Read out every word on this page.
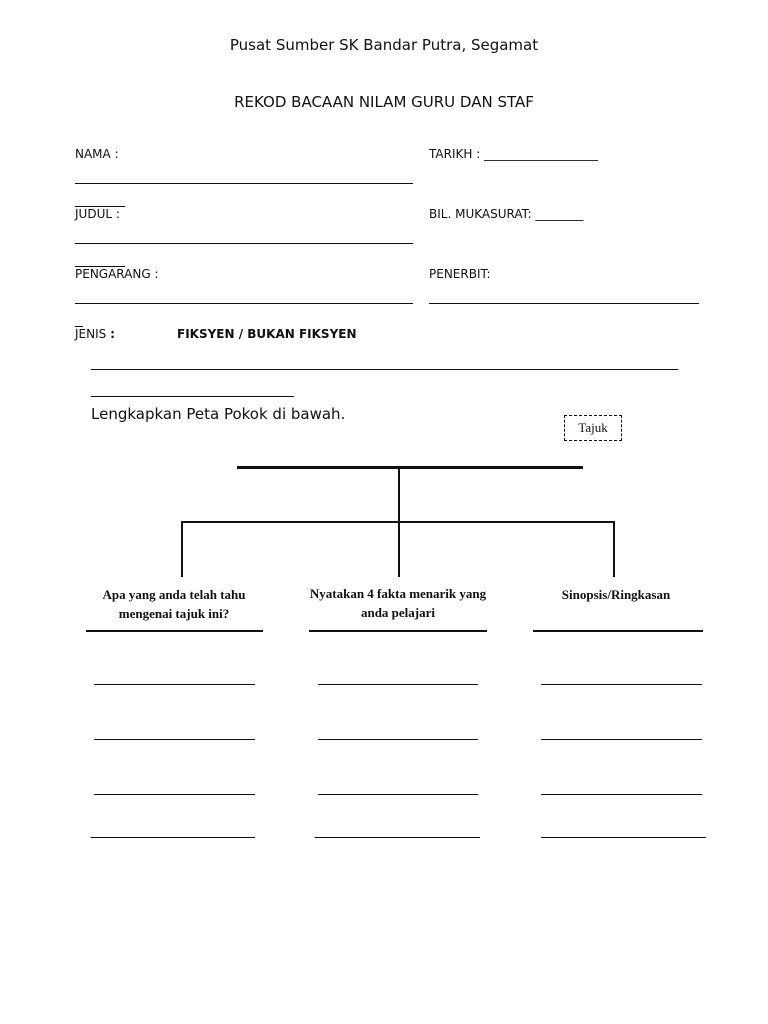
Pusat Sumber SK Bandar Putra, Segamat
REKOD BACAAN NILAM GURU DAN STAF
NAMA :	TARIKH : ___________________
JUDUL :	BIL. MUKASURAT: ________
PENGARANG :	PENERBIT:
JENIS :	FIKSYEN / BUKAN FIKSYEN
Lengkapkan Peta Pokok di bawah.
Tajuk
Apa yang anda telah tahu
mengenai tajuk ini?
Nyatakan 4 fakta menarik yang
anda pelajari
Sinopsis/Ringkasan
